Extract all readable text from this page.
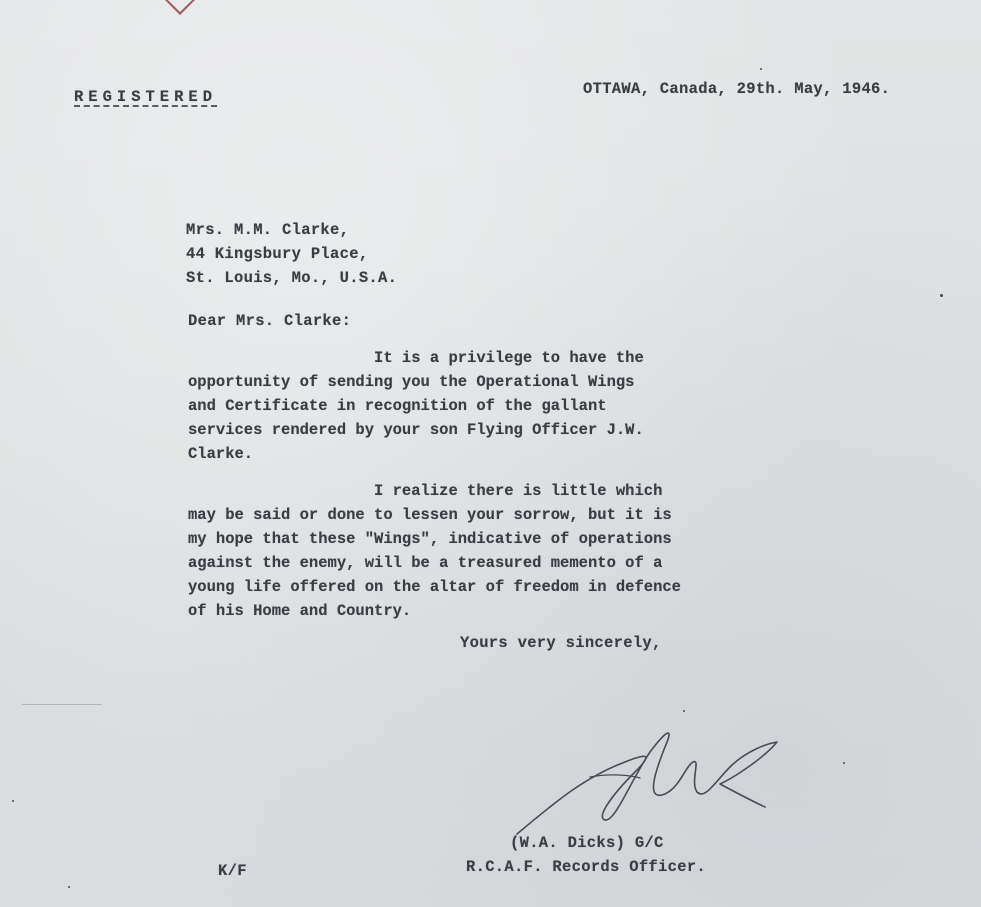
REGISTERED	OTTAWA, Canada, 29th. May, 1946.
Mrs. M.M. Clarke,
44 Kingsbury Place,
St. Louis, Mo., U.S.A.
Dear Mrs. Clarke:

It is a privilege to have the
opportunity of sending you the Operational Wings
and Certificate in recognition of the gallant
services rendered by your son Flying Officer J.W.
Clarke.

I realize there is little which
may be said or done to lessen your sorrow, but it is
my hope that these "Wings", indicative of operations
against the enemy, will be a treasured memento of a
young life offered on the altar of freedom in defence
of his Home and Country.

Yours very sincerely,
(W.A. Dicks) G/C
R.C.A.F. Records Officer.
K/F
